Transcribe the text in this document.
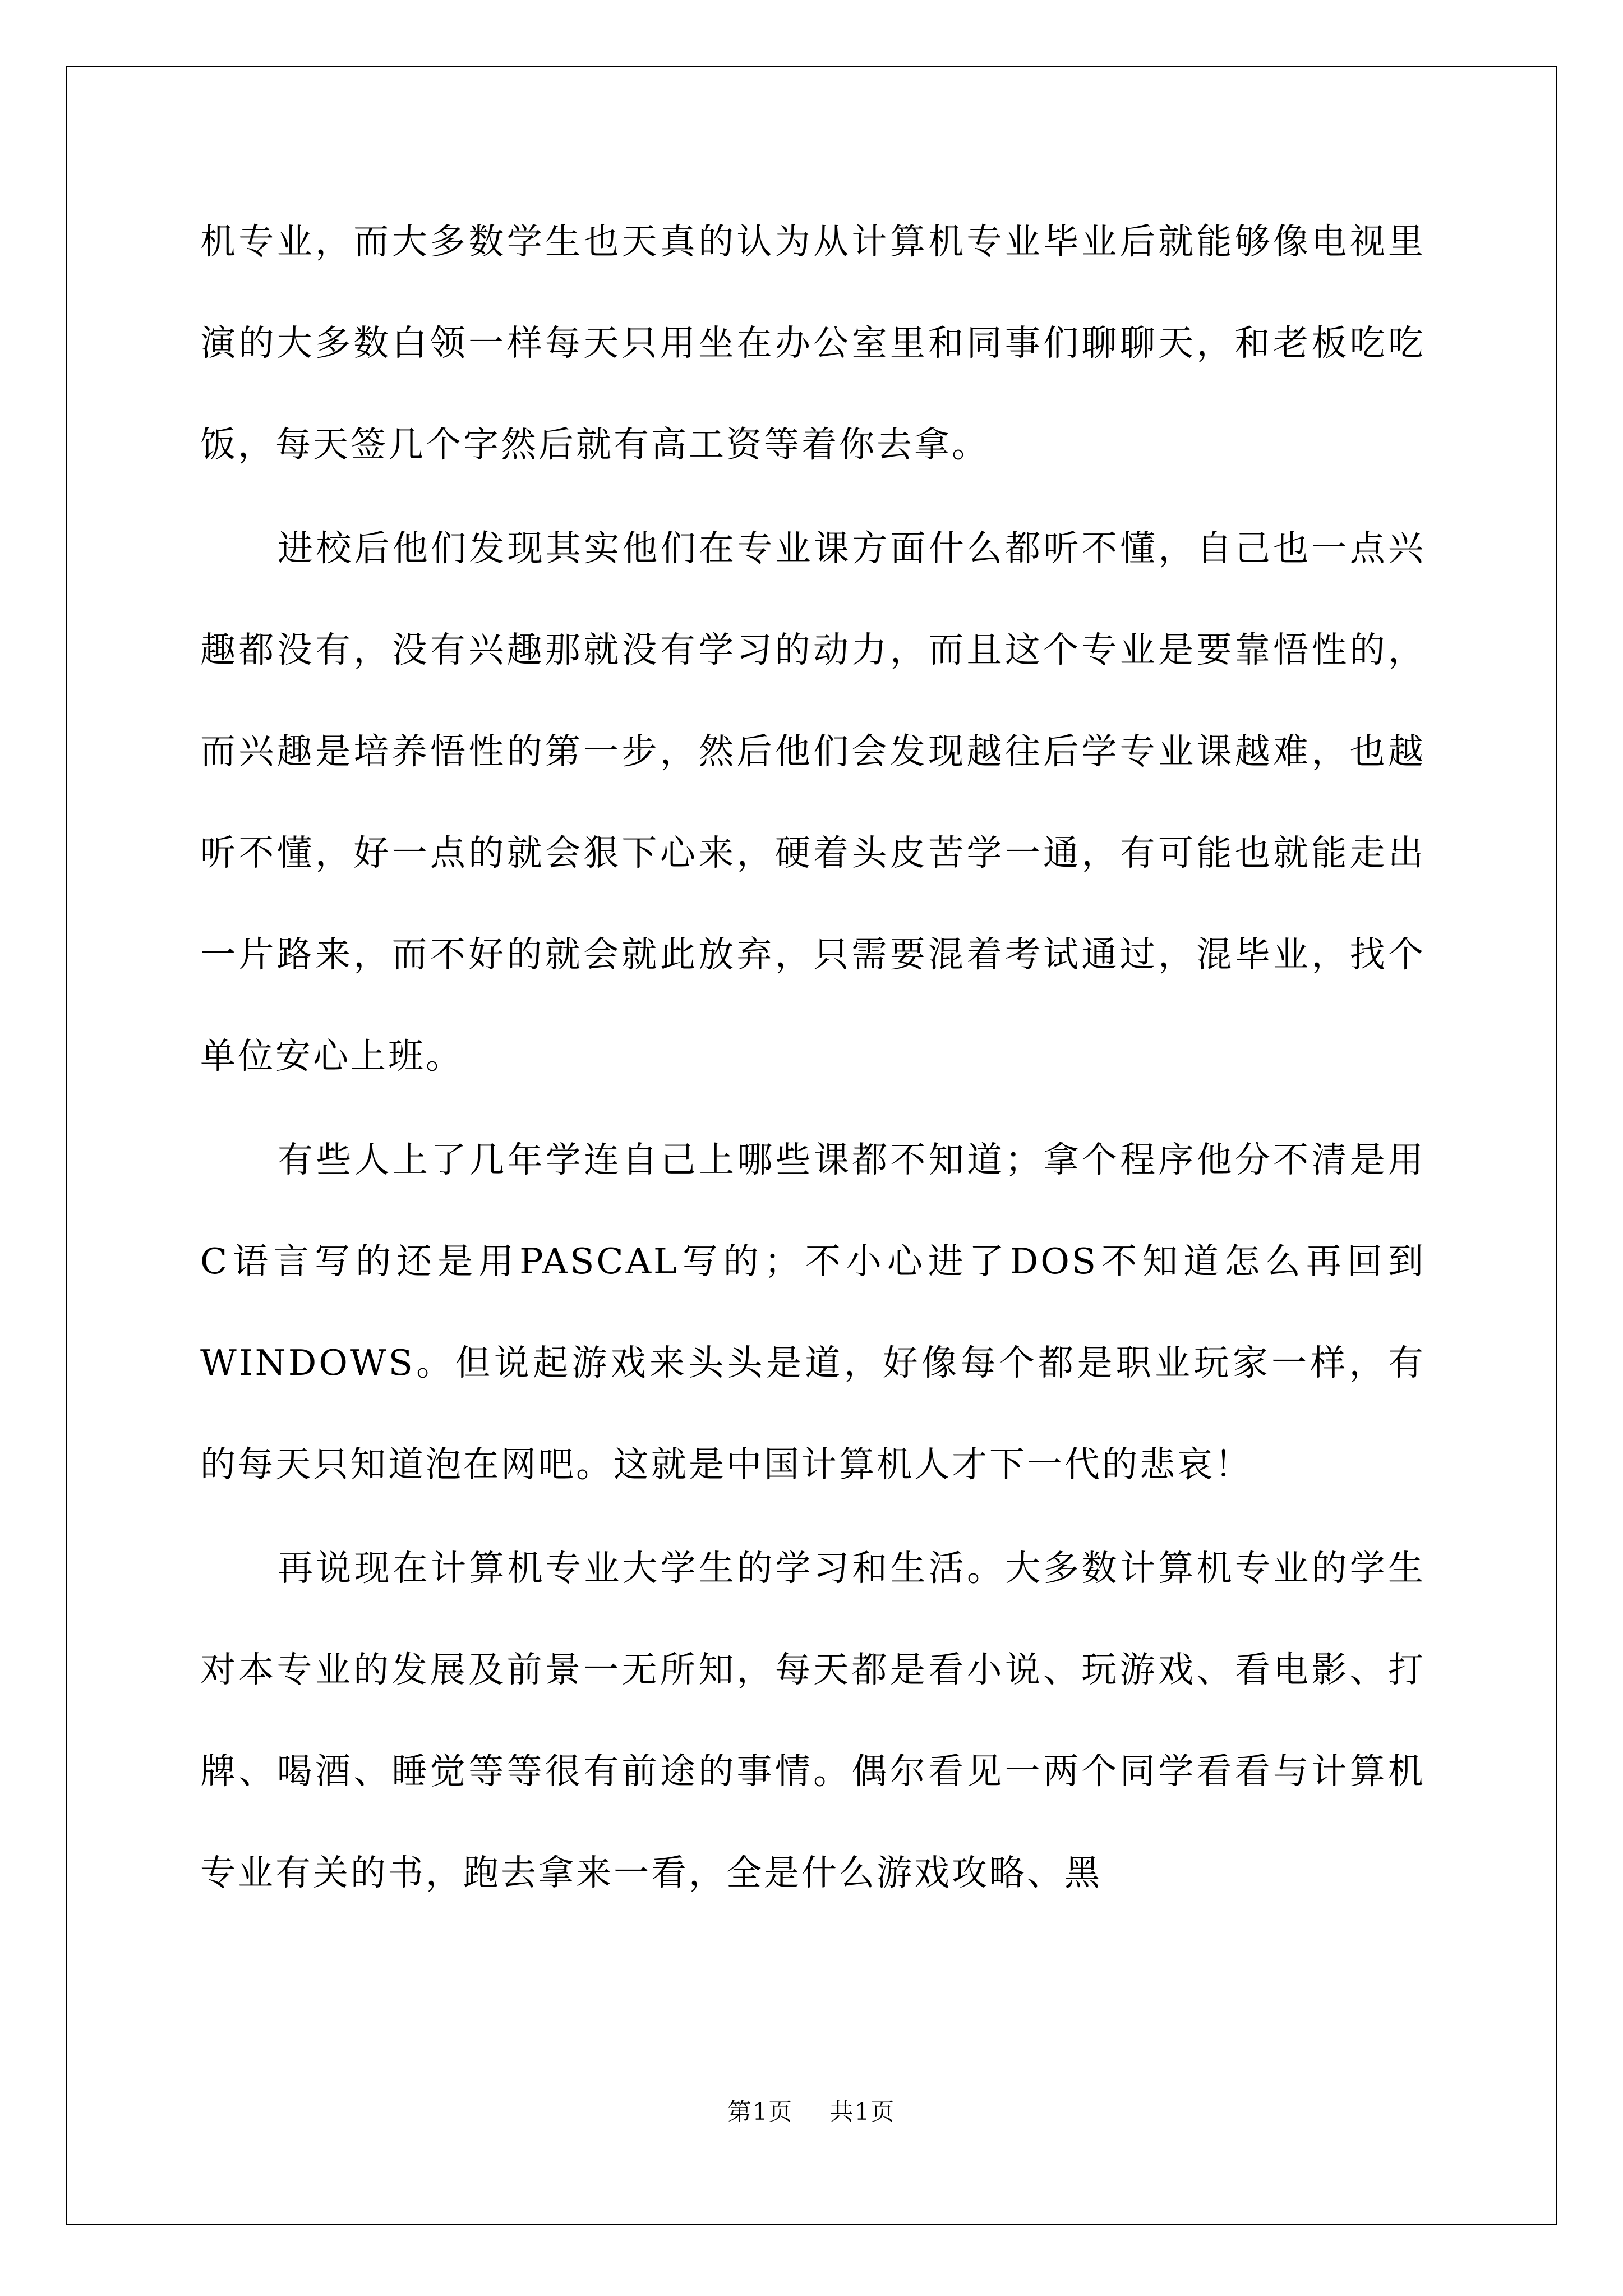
机专业，而大多数学生也天真的认为从计算机专业毕业后就能够像电视里演的大多数白领一样每天只用坐在办公室里和同事们聊聊天，和老板吃吃饭，每天签几个字然后就有高工资等着你去拿。

进校后他们发现其实他们在专业课方面什么都听不懂，自己也一点兴趣都没有，没有兴趣那就没有学习的动力，而且这个专业是要靠悟性的，而兴趣是培养悟性的第一步，然后他们会发现越往后学专业课越难，也越听不懂，好一点的就会狠下心来，硬着头皮苦学一通，有可能也就能走出一片路来，而不好的就会就此放弃，只需要混着考试通过，混毕业，找个单位安心上班。

有些人上了几年学连自己上哪些课都不知道；拿个程序他分不清是用C语言写的还是用PASCAL写的；不小心进了DOS不知道怎么再回到WINDOWS。但说起游戏来头头是道，好像每个都是职业玩家一样，有的每天只知道泡在网吧。这就是中国计算机人才下一代的悲哀！

再说现在计算机专业大学生的学习和生活。大多数计算机专业的学生对本专业的发展及前景一无所知，每天都是看小说、玩游戏、看电影、打牌、喝酒、睡觉等等很有前途的事情。偶尔看见一两个同学看看与计算机专业有关的书，跑去拿来一看，全是什么游戏攻略、黑

第1页 共1页
